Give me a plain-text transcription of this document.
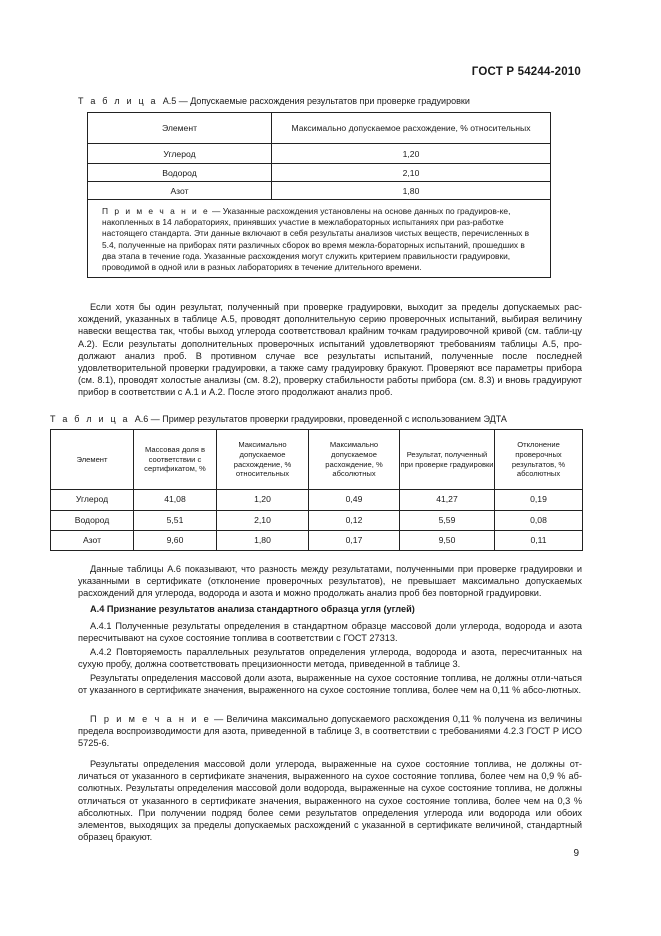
ГОСТ Р 54244-2010
Т а б л и ц а А.5 — Допускаемые расхождения результатов при проверке градуировки
Элемент	Максимально допускаемое расхождение, % относительных
Углерод	1,20
Водород	2,10
Азот	1,80
П р и м е ч а н и е — Указанные расхождения установлены на основе данных по градуиров-ке, накопленных в 14 лабораториях, принявших участие в межлабораторных испытаниях при раз-работке настоящего стандарта. Эти данные включают в себя результаты анализов чистых веществ, перечисленных в 5.4, полученные на приборах пяти различных сборок во время межла-бораторных испытаний, прошедших в два этапа в течение года. Указанные расхождения могут служить критерием правильности градуировки, проводимой в одной или в разных лабораториях в течение длительного времени.	

Если хотя бы один результат, полученный при проверке градуировки, выходит за пределы допускаемых рас-хождений, указанных в таблице А.5, проводят дополнительную серию проверочных испытаний, выбирая величину навески вещества так, чтобы выход углерода соответствовал крайним точкам градуировочной кривой (см. табли-цу А.2). Если результаты дополнительных проверочных испытаний удовлетворяют требованиям таблицы А.5, про-должают анализ проб. В противном случае все результаты испытаний, полученные после последней удовлетворительной проверки градуировки, а также саму градуировку бракуют. Проверяют все параметры прибора (см. 8.1), проводят холостые анализы (см. 8.2), проверку стабильности работы прибора (см. 8.3) и вновь градуируют прибор в соответствии с А.1 и А.2. После этого продолжают анализ проб.

Т а б л и ц а А.6 — Пример результатов проверки градуировки, проведенной с использованием ЭДТА
Элемент	Массовая доля в соответствии с сертификатом, %	Максимально допускаемое расхождение, % относительных	Максимально допускаемое расхождение, % абсолютных	Результат, полученный при проверке градуировки	Отклонение проверочных результатов, % абсолютных
Углерод	41,08	1,20	0,49	41,27	0,19
Водород	5,51	2,10	0,12	5,59	0,08
Азот	9,60	1,80	0,17	9,50	0,11

Данные таблицы А.6 показывают, что разность между результатами, полученными при проверке градуировки и указанными в сертификате (отклонение проверочных результатов), не превышает максимально допускаемых расхождений для углерода, водорода и азота и можно продолжать анализ проб без повторной градуировки.

А.4 Признание результатов анализа стандартного образца угля (углей)

А.4.1 Полученные результаты определения в стандартном образце массовой доли углерода, водорода и азота пересчитывают на сухое состояние топлива в соответствии с ГОСТ 27313.

А.4.2 Повторяемость параллельных результатов определения углерода, водорода и азота, пересчитанных на сухую пробу, должна соответствовать прецизионности метода, приведенной в таблице 3.

Результаты определения массовой доли азота, выраженные на сухое состояние топлива, не должны отли-чаться от указанного в сертификате значения, выраженного на сухое состояние топлива, более чем на 0,11 % абсо-лютных.

П р и м е ч а н и е — Величина максимально допускаемого расхождения 0,11 % получена из величины предела воспроизводимости для азота, приведенной в таблице 3, в соответствии с требованиями 4.2.3 ГОСТ Р ИСО 5725-6.

Результаты определения массовой доли углерода, выраженные на сухое состояние топлива, не должны от-личаться от указанного в сертификате значения, выраженного на сухое состояние топлива, более чем на 0,9 % аб-солютных. Результаты определения массовой доли водорода, выраженные на сухое состояние топлива, не должны отличаться от указанного в сертификате значения, выраженного на сухое состояние топлива, более чем на 0,3 % абсолютных. При получении подряд более семи результатов определения углерода или водорода или обоих элементов, выходящих за пределы допускаемых расхождений с указанной в сертификате величиной, стандартный образец бракуют.

9
